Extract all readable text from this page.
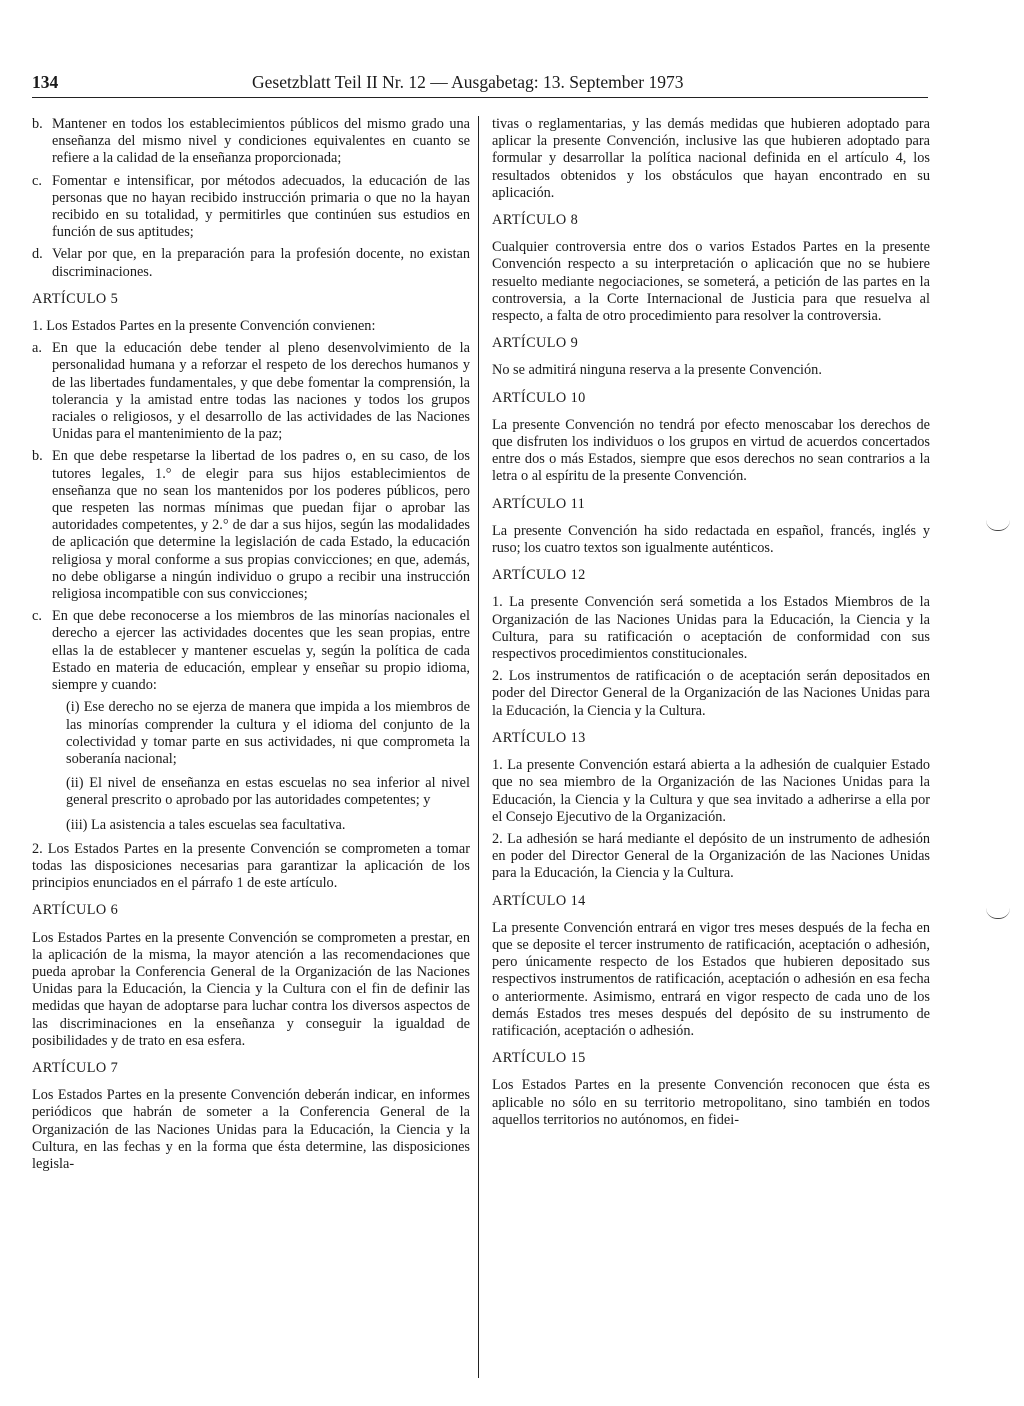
134	Gesetzblatt Teil II Nr. 12 — Ausgabetag: 13. September 1973
b. Mantener en todos los establecimientos públicos del mismo grado una enseñanza del mismo nivel y condiciones equivalentes en cuanto se refiere a la calidad de la enseñanza proporcionada;
c. Fomentar e intensificar, por métodos adecuados, la educación de las personas que no hayan recibido instrucción primaria o que no la hayan recibido en su totalidad, y permitirles que continúen sus estudios en función de sus aptitudes;
d. Velar por que, en la preparación para la profesión docente, no existan discriminaciones.
ARTÍCULO 5

1. Los Estados Partes en la presente Convención convienen:

a. En que la educación debe tender al pleno desenvolvimiento de la personalidad humana y a reforzar el respeto de los derechos humanos y de las libertades fundamentales, y que debe fomentar la comprensión, la tolerancia y la amistad entre todas las naciones y todos los grupos raciales o religiosos, y el desarrollo de las actividades de las Naciones Unidas para el mantenimiento de la paz;
b. En que debe respetarse la libertad de los padres o, en su caso, de los tutores legales, 1.° de elegir para sus hijos establecimientos de enseñanza que no sean los mantenidos por los poderes públicos, pero que respeten las normas mínimas que puedan fijar o aprobar las autoridades competentes, y 2.° de dar a sus hijos, según las modalidades de aplicación que determine la legislación de cada Estado, la educación religiosa y moral conforme a sus propias convicciones; en que, además, no debe obligarse a ningún individuo o grupo a recibir una instrucción religiosa incompatible con sus convicciones;
c. En que debe reconocerse a los miembros de las minorías nacionales el derecho a ejercer las actividades docentes que les sean propias, entre ellas la de establecer y mantener escuelas y, según la política de cada Estado en materia de educación, emplear y enseñar su propio idioma, siempre y cuando:

(i) Ese derecho no se ejerza de manera que impida a los miembros de las minorías comprender la cultura y el idioma del conjunto de la colectividad y tomar parte en sus actividades, ni que comprometa la soberanía nacional;

(ii) El nivel de enseñanza en estas escuelas no sea inferior al nivel general prescrito o aprobado por las autoridades competentes; y

(iii) La asistencia a tales escuelas sea facultativa.

2. Los Estados Partes en la presente Convención se comprometen a tomar todas las disposiciones necesarias para garantizar la aplicación de los principios enunciados en el párrafo 1 de este artículo.

ARTÍCULO 6

Los Estados Partes en la presente Convención se comprometen a prestar, en la aplicación de la misma, la mayor atención a las recomendaciones que pueda aprobar la Conferencia General de la Organización de las Naciones Unidas para la Educación, la Ciencia y la Cultura con el fin de definir las medidas que hayan de adoptarse para luchar contra los diversos aspectos de las discriminaciones en la enseñanza y conseguir la igualdad de posibilidades y de trato en esa esfera.

ARTÍCULO 7

Los Estados Partes en la presente Convención deberán indicar, en informes periódicos que habrán de someter a la Conferencia General de la Organización de las Naciones Unidas para la Educación, la Ciencia y la Cultura, en las fechas y en la forma que ésta determine, las disposiciones legisla-

tivas o reglamentarias, y las demás medidas que hubieren adoptado para aplicar la presente Convención, inclusive las que hubieren adoptado para formular y desarrollar la política nacional definida en el artículo 4, los resultados obtenidos y los obstáculos que hayan encontrado en su aplicación.

ARTÍCULO 8

Cualquier controversia entre dos o varios Estados Partes en la presente Convención respecto a su interpretación o aplicación que no se hubiere resuelto mediante negociaciones, se someterá, a petición de las partes en la controversia, a la Corte Internacional de Justicia para que resuelva al respecto, a falta de otro procedimiento para resolver la controversia.

ARTÍCULO 9

No se admitirá ninguna reserva a la presente Convención.

ARTÍCULO 10

La presente Convención no tendrá por efecto menoscabar los derechos de que disfruten los individuos o los grupos en virtud de acuerdos concertados entre dos o más Estados, siempre que esos derechos no sean contrarios a la letra o al espíritu de la presente Convención.

ARTÍCULO 11

La presente Convención ha sido redactada en español, francés, inglés y ruso; los cuatro textos son igualmente auténticos.

ARTÍCULO 12

1. La presente Convención será sometida a los Estados Miembros de la Organización de las Naciones Unidas para la Educación, la Ciencia y la Cultura, para su ratificación o aceptación de conformidad con sus respectivos procedimientos constitucionales.

2. Los instrumentos de ratificación o de aceptación serán depositados en poder del Director General de la Organización de las Naciones Unidas para la Educación, la Ciencia y la Cultura.

ARTÍCULO 13

1. La presente Convención estará abierta a la adhesión de cualquier Estado que no sea miembro de la Organización de las Naciones Unidas para la Educación, la Ciencia y la Cultura y que sea invitado a adherirse a ella por el Consejo Ejecutivo de la Organización.

2. La adhesión se hará mediante el depósito de un instrumento de adhesión en poder del Director General de la Organización de las Naciones Unidas para la Educación, la Ciencia y la Cultura.

ARTÍCULO 14

La presente Convención entrará en vigor tres meses después de la fecha en que se deposite el tercer instrumento de ratificación, aceptación o adhesión, pero únicamente respecto de los Estados que hubieren depositado sus respectivos instrumentos de ratificación, aceptación o adhesión en esa fecha o anteriormente. Asimismo, entrará en vigor respecto de cada uno de los demás Estados tres meses después del depósito de su instrumento de ratificación, aceptación o adhesión.

ARTÍCULO 15

Los Estados Partes en la presente Convención reconocen que ésta es aplicable no sólo en su territorio metropolitano, sino también en todos aquellos territorios no autónomos, en fidei-
